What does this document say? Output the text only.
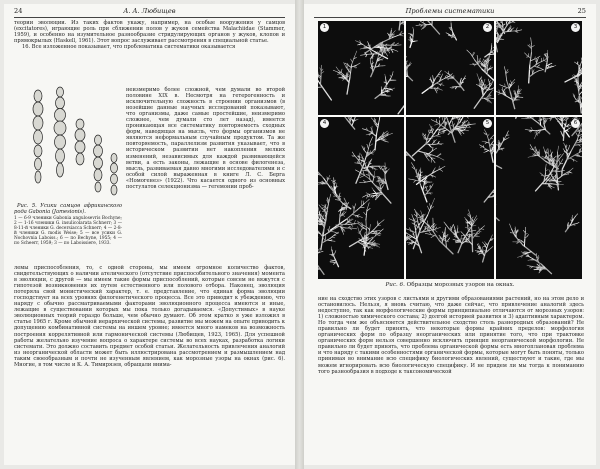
24	А. А. Любищев

теории эволюции. Из таких фактов укажу, например, на особые вооружения у самцов (excitatores), играющие роль при сближении полов у жуков семейства Malachiidae (Stammer, 1959), и особенно на изумительное разнообразие стридулирующих органов у жуков, клопов и прямокрылых (Haskell, 1961). Этот вопрос заслуживает рассмотрения в специальной статье.

16. Все изложенное показывает, что проблематика систематики оказывается

Рис. 5. Усики самцов африканского рода Gabonia (Jamesionis).
1 — 6-9 членики Gabonia angulosevris Bochyne; 2 — 1-16 членики G. insulicolarata Schnerr; 3 — 8-11-й членики G. decersiacca Schnerr; 4 — 2-8-й членики G. modis Weise; 5 — все усики G. Nochovnia Laboiss.; 6 — по Bechyne, 1955; 4 — по Scheerr, 1959; 3 — по Laboissiere, 1933.

неизмеримо более сложной, чем думали во второй половине XIX в. Несмотря на гетерогенность и исключительную сложность в строении организмов (в нозейшие данные научных исследований показывают, что организмы, даже самые простейшие, неизмеримо сложнее, чем думали сто лет назад), имеется проникающая все систематику повторяемость сходных форм, наводящая на мысль, что формы организмов не являются неформальным случайным продуктом. Та же повторяемость, параллелизм развития указывает, что в историческом развитии нет накопления мелких изменений, независимых для каждой развивающейся ветви, а есть законы, лежащие в основе филогенеза, мысль, развиваемая давно многими исследователями и с особой силой выраженная в книге Л. С. Берга «Номогенез» (1922). Что касается одного из основных постулатов селекционизма — гегемонии проб-

лемы приспособления, то, с одной стороны, мы имеем огромное количество фактов, свидетельствующих о наличии ателического (отсутствие приспособительного значения) момента в эволюции, с другой — мы имеем такие формы приспособлений, которые совсем не вяжутся с гипотезой возникновения их путем естественного или полового отбора. Наконец, эволюция потеряла свой монистический характер, т. е. представление, что единая форма эволюции господствует на всех уровнях филогенетического процесса. Все это приводит к убеждению, что наряду с обычно рассматриваемыми факторами эволюционного процесса имеются и иные, лежащие в существовании которых мы пока только догадываемся. «Допустимых» в науке эволюционных теорий гораздо больше, чем обычно думают. Об этом кратко я уже изложил в статье 1965 г. Кроме обычной иерархической системы, развитие мы можем на опыте приводить к допущению комбинативной системы на иншем уровне; имеется много намеков на возможность построения коррелятивной или гармонической системы (Любищев, 1923, 1965). Для успешной работы желательно изучение вопроса о характере системы во всех науках, разработка логики системати. Это должно составить предмет особой статьи. Желательность привлечения аналогий из неорганической области может быть иллюстрирована рассмотрением и размышлением над таким своеобразным и почти не изученным явлением, как морозные узоры на окнах (рис. 6). Многие, в том числе и К. А. Тимирязев, обращали внима-

Проблемы систематики	25
1	2	3
4	5	6
Рис. 6. Образцы морозных узоров на окнах.

ние на сходство этих узоров с листьями и другими образованиями растений, но на этом дело и остановилось. Нельзя, я вновь считаю, что даже сейчас, что привлечение аналогий здесь недоступно, так как морфологические формы принципиально отличаются от морозных узоров: 1) сложностью химического состава; 2) долгой историей развития и 3) адаптивным характером. Но тогда чем же объясняется действительное сходство столь разнородных образований? Не правильно ли будет принять, что некоторые формы крайних пределов: морфология органических форм по образцу неорганических или принятие того, что при трактовке органических форм нельзя совершенно исключить принцип неорганической морфологии. Не правильно ли будет принять, что проблема органической формы есть многоплановая проблема и что наряду с такими особенностями органической формы, которые могут быть поняты, только принимая во внимание всю специфику биологических явлений, существуют и такие, где мы можем игнорировать всю биологическую специфику. И не придем ли мы тогда к пониманию того разнообразия в подходе к таксономической
